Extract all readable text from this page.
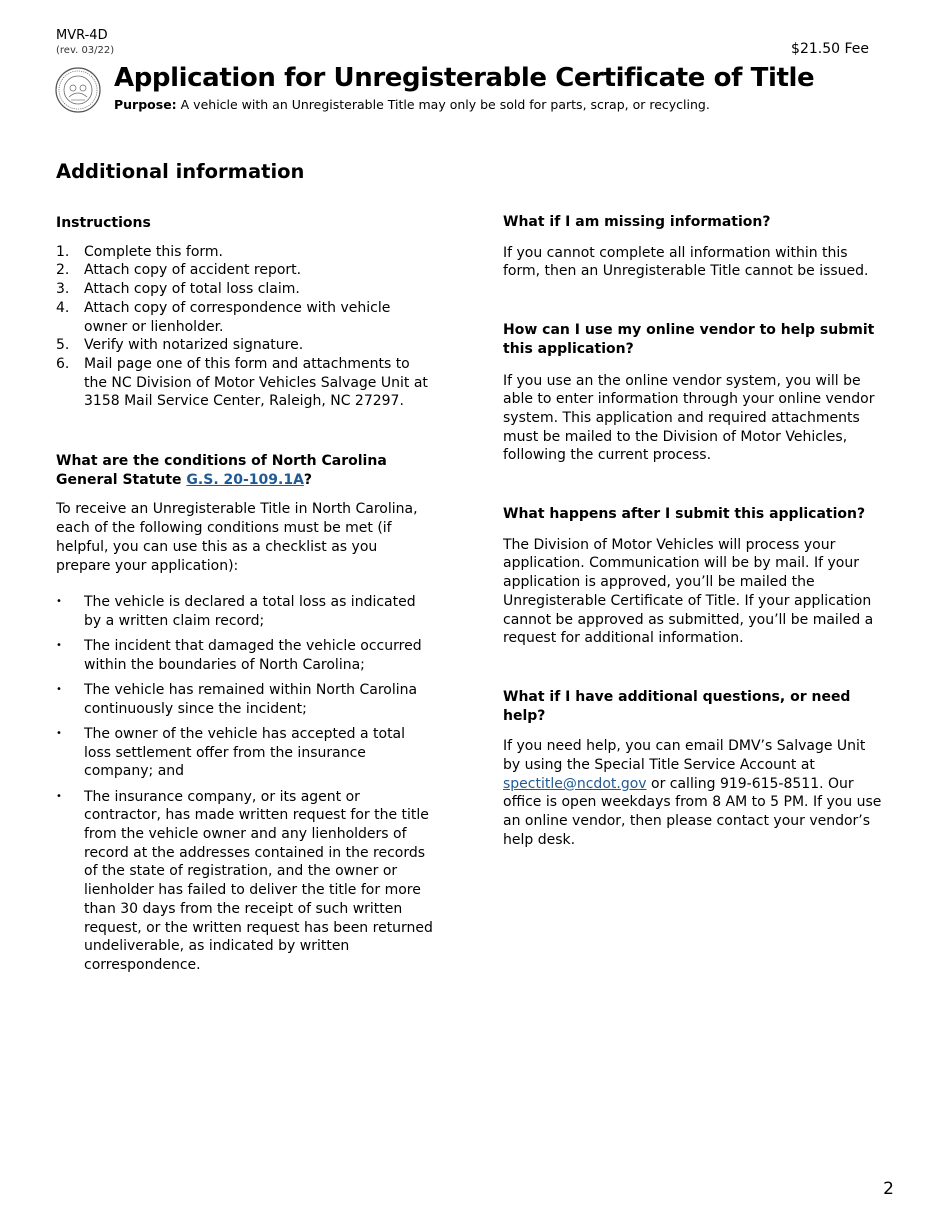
MVR-4D
(rev. 03/22)	$21.50 Fee
Application for Unregisterable Certificate of Title
Purpose: A vehicle with an Unregisterable Title may only be sold for parts, scrap, or recycling.
Additional information

Instructions

1.	Complete this form.
2.	Attach copy of accident report.
3.	Attach copy of total loss claim.
4.	Attach copy of correspondence with vehicle owner or lienholder.
5.	Verify with notarized signature.
6.	Mail page one of this form and attachments to the NC Division of Motor Vehicles Salvage Unit at 3158 Mail Service Center, Raleigh, NC 27297.

What are the conditions of North Carolina General Statute G.S. 20-109.1A?

To receive an Unregisterable Title in North Carolina, each of the following conditions must be met (if helpful, you can use this as a checklist as you prepare your application):

•	The vehicle is declared a total loss as indicated by a written claim record;
•	The incident that damaged the vehicle occurred within the boundaries of North Carolina;
•	The vehicle has remained within North Carolina continuously since the incident;
•	The owner of the vehicle has accepted a total loss settlement offer from the insurance company; and
•	The insurance company, or its agent or contractor, has made written request for the title from the vehicle owner and any lienholders of record at the addresses contained in the records of the state of registration, and the owner or lienholder has failed to deliver the title for more than 30 days from the receipt of such written request, or the written request has been returned undeliverable, as indicated by written correspondence.

What if I am missing information?

If you cannot complete all information within this form, then an Unregisterable Title cannot be issued.

How can I use my online vendor to help submit this application?

If you use an the online vendor system, you will be able to enter information through your online vendor system. This application and required attachments must be mailed to the Division of Motor Vehicles, following the current process.

What happens after I submit this application?

The Division of Motor Vehicles will process your application. Communication will be by mail. If your application is approved, you’ll be mailed the Unregisterable Certificate of Title. If your application cannot be approved as submitted, you’ll be mailed a request for additional information.

What if I have additional questions, or need help?

If you need help, you can email DMV’s Salvage Unit by using the Special Title Service Account at spectitle@ncdot.gov or calling 919-615-8511. Our office is open weekdays from 8 AM to 5 PM. If you use an online vendor, then please contact your vendor’s help desk.

2
